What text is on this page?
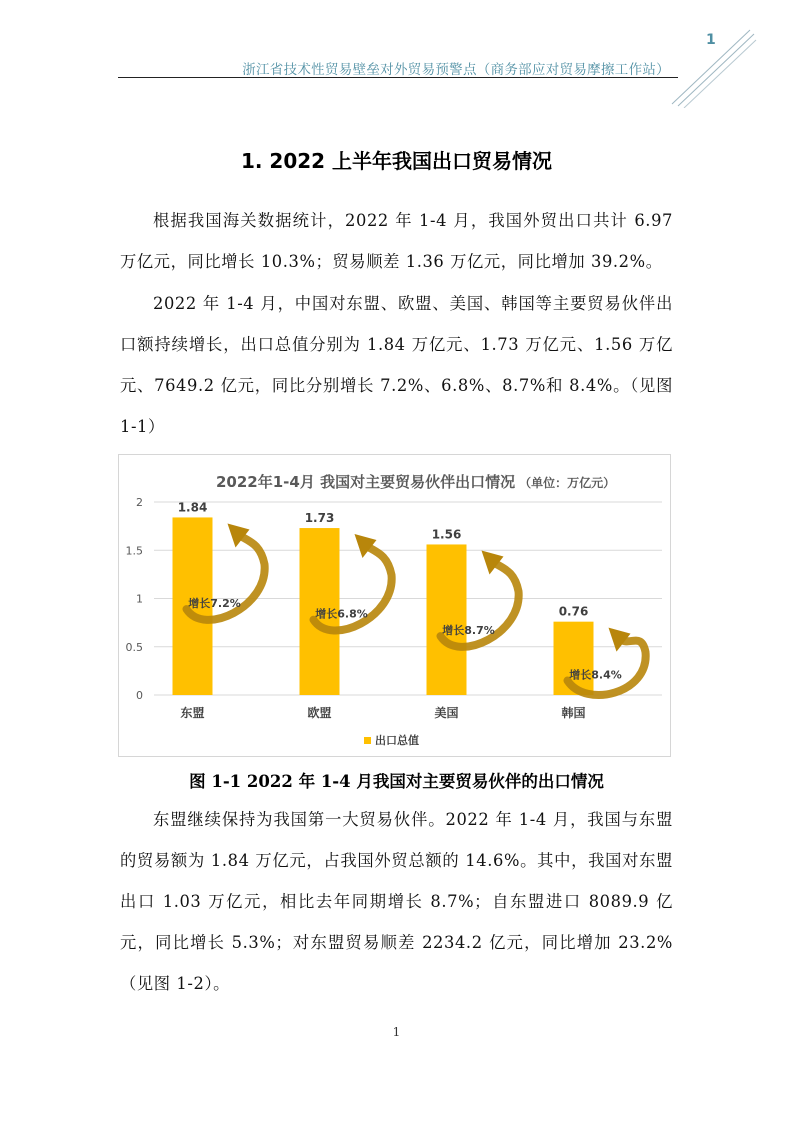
浙江省技术性贸易壁垒对外贸易预警点（商务部应对贸易摩擦工作站）
1
1. 2022 上半年我国出口贸易情况

根据我国海关数据统计，2022 年 1-4 月，我国外贸出口共计 6.97 万亿元，同比增长 10.3%；贸易顺差 1.36 万亿元，同比增加 39.2%。

2022 年 1-4 月，中国对东盟、欧盟、美国、韩国等主要贸易伙伴出口额持续增长，出口总值分别为 1.84 万亿元、1.73 万亿元、1.56 万亿元、7649.2 亿元，同比分别增长 7.2%、6.8%、8.7%和 8.4%。（见图 1-1）

2022年1-4月 我国对主要贸易伙伴出口情况 （单位：万亿元）
0
0.5
1
1.5
2	1.84
东盟
增长7.2%
1.73
欧盟
增长6.8%
1.56
美国
增长8.7%
0.76
韩国
增长8.4%
出口总值
图 1-1 2022 年 1-4 月我国对主要贸易伙伴的出口情况

东盟继续保持为我国第一大贸易伙伴。2022 年 1-4 月，我国与东盟的贸易额为 1.84 万亿元，占我国外贸总额的 14.6%。其中，我国对东盟出口 1.03 万亿元，相比去年同期增长 8.7%；自东盟进口 8089.9 亿元，同比增长 5.3%；对东盟贸易顺差 2234.2 亿元，同比增加 23.2%（见图 1-2）。

1
